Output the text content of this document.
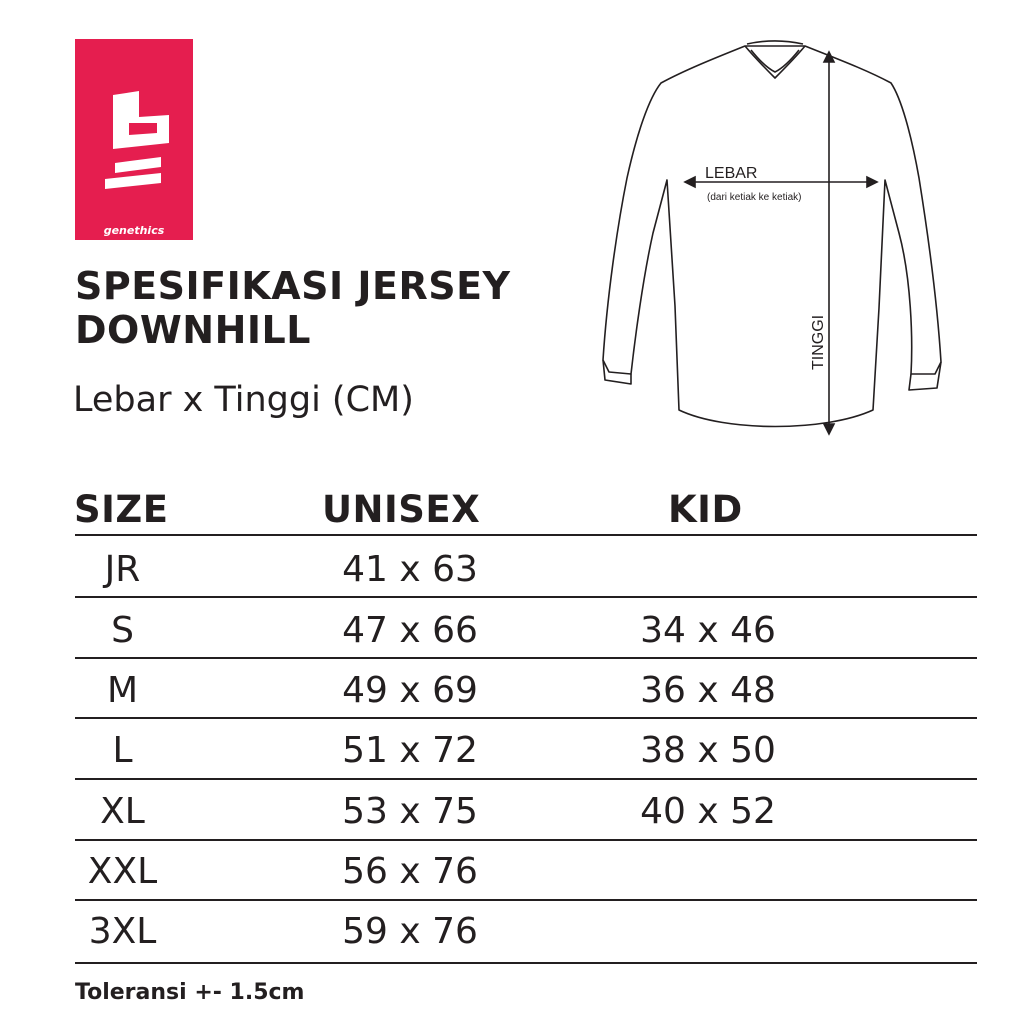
genethics
SPESIFIKASI JERSEY DOWNHILL
Lebar x Tinggi (CM)
LEBAR
(dari ketiak ke ketiak)
TINGGI
SIZE	UNISEX	KID
JR	41 x 63
S	47 x 66	34 x 46
M	49 x 69	36 x 48
L	51 x 72	38 x 50
XL	53 x 75	40 x 52
XXL	56 x 76
3XL	59 x 76
Toleransi +- 1.5cm
